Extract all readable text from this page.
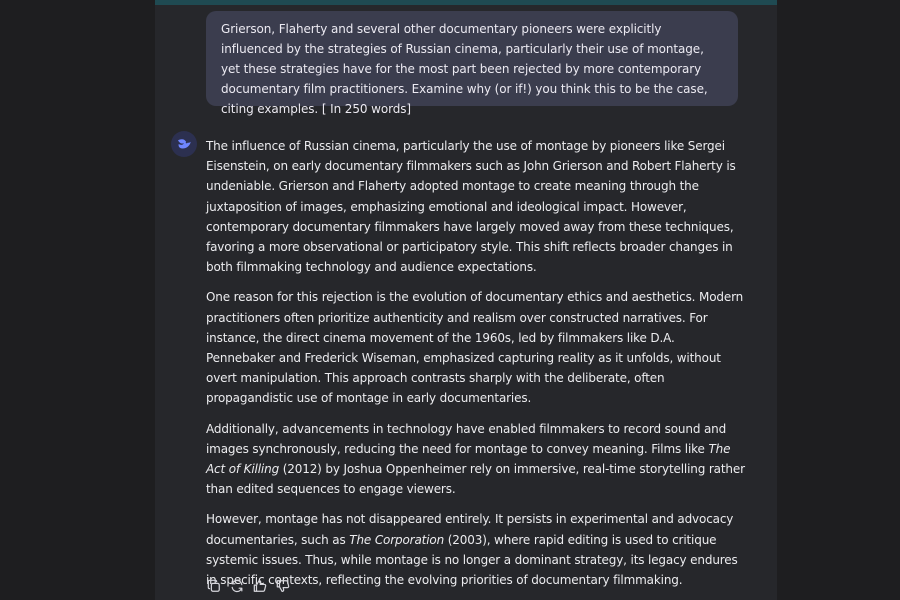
Grierson, Flaherty and several other documentary pioneers were explicitly influenced by the strategies of Russian cinema, particularly their use of montage, yet these strategies have for the most part been rejected by more contemporary documentary film practitioners. Examine why (or if!) you think this to be the case, citing examples. [ In 250 words]

The influence of Russian cinema, particularly the use of montage by pioneers like Sergei Eisenstein, on early documentary filmmakers such as John Grierson and Robert Flaherty is undeniable. Grierson and Flaherty adopted montage to create meaning through the juxtaposition of images, emphasizing emotional and ideological impact. However, contemporary documentary filmmakers have largely moved away from these techniques, favoring a more observational or participatory style. This shift reflects broader changes in both filmmaking technology and audience expectations.

One reason for this rejection is the evolution of documentary ethics and aesthetics. Modern practitioners often prioritize authenticity and realism over constructed narratives. For instance, the direct cinema movement of the 1960s, led by filmmakers like D.A. Pennebaker and Frederick Wiseman, emphasized capturing reality as it unfolds, without overt manipulation. This approach contrasts sharply with the deliberate, often propagandistic use of montage in early documentaries.

Additionally, advancements in technology have enabled filmmakers to record sound and images synchronously, reducing the need for montage to convey meaning. Films like The Act of Killing (2012) by Joshua Oppenheimer rely on immersive, real-time storytelling rather than edited sequences to engage viewers.

However, montage has not disappeared entirely. It persists in experimental and advocacy documentaries, such as The Corporation (2003), where rapid editing is used to critique systemic issues. Thus, while montage is no longer a dominant strategy, its legacy endures in specific contexts, reflecting the evolving priorities of documentary filmmaking.
